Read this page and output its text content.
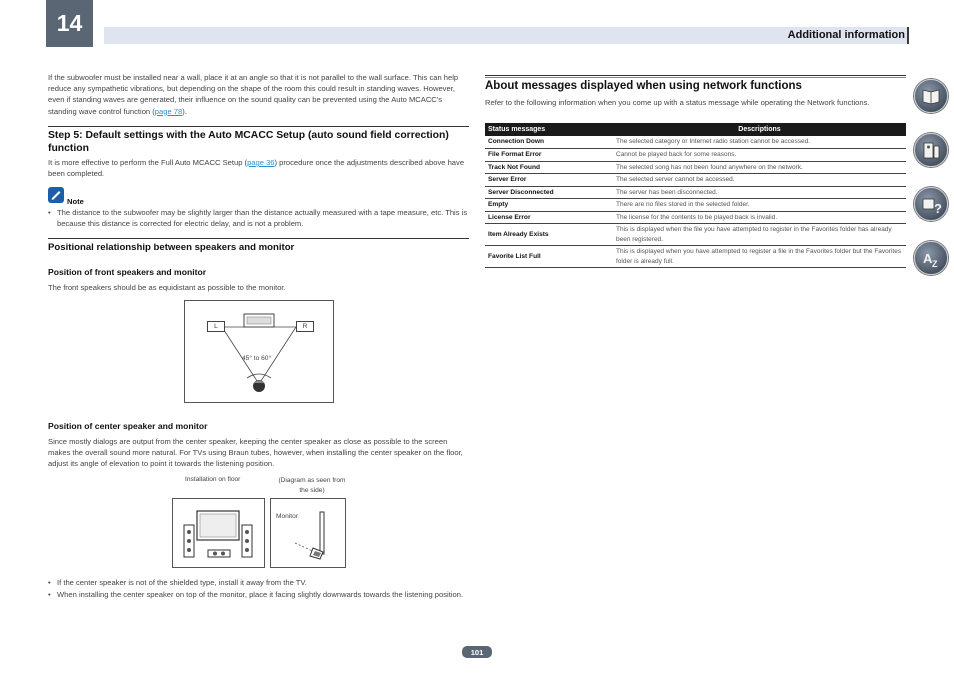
14	Additional information
If the subwoofer must be installed near a wall, place it at an angle so that it is not parallel to the wall surface. This can help reduce any sympathetic vibrations, but depending on the shape of the room this could result in standing waves. However, even if standing waves are generated, their influence on the sound quality can be prevented using the Auto MCACC's standing wave control function (page 78).
Step 5: Default settings with the Auto MCACC Setup (auto sound field correction) function
It is more effective to perform the Full Auto MCACC Setup (page 36) procedure once the adjustments described above have been completed.
Note
• The distance to the subwoofer may be slightly larger than the distance actually measured with a tape measure, etc. This is because this distance is corrected for electric delay, and is not a problem.
Positional relationship between speakers and monitor
Position of front speakers and monitor
The front speakers should be as equidistant as possible to the monitor.
L	R
45° to 60°
Position of center speaker and monitor
Since mostly dialogs are output from the center speaker, keeping the center speaker as close as possible to the screen makes the overall sound more natural. For TVs using Braun tubes, however, when installing the center speaker on the floor, adjust its angle of elevation to point it towards the listening position.
Installation on floor	(Diagram as seen from the side)
Monitor
• If the center speaker is not of the shielded type, install it away from the TV.
• When installing the center speaker on top of the monitor, place it facing slightly downwards towards the listening position.
About messages displayed when using network functions
Refer to the following information when you come up with a status message while operating the Network functions.
Status messages	Descriptions
Connection Down	The selected category or Internet radio station cannot be accessed.
File Format Error	Cannot be played back for some reasons.
Track Not Found	The selected song has not been found anywhere on the network.
Server Error	The selected server cannot be accessed.
Server Disconnected	The server has been disconnected.
Empty	There are no files stored in the selected folder.
License Error	The license for the contents to be played back is invalid.
Item Already Exists	This is displayed when the file you have attempted to register in the Favorites folder has already been registered.
Favorite List Full	This is displayed when you have attempted to register a file in the Favorites folder but the Favorites folder is already full.
?
A Z
101
